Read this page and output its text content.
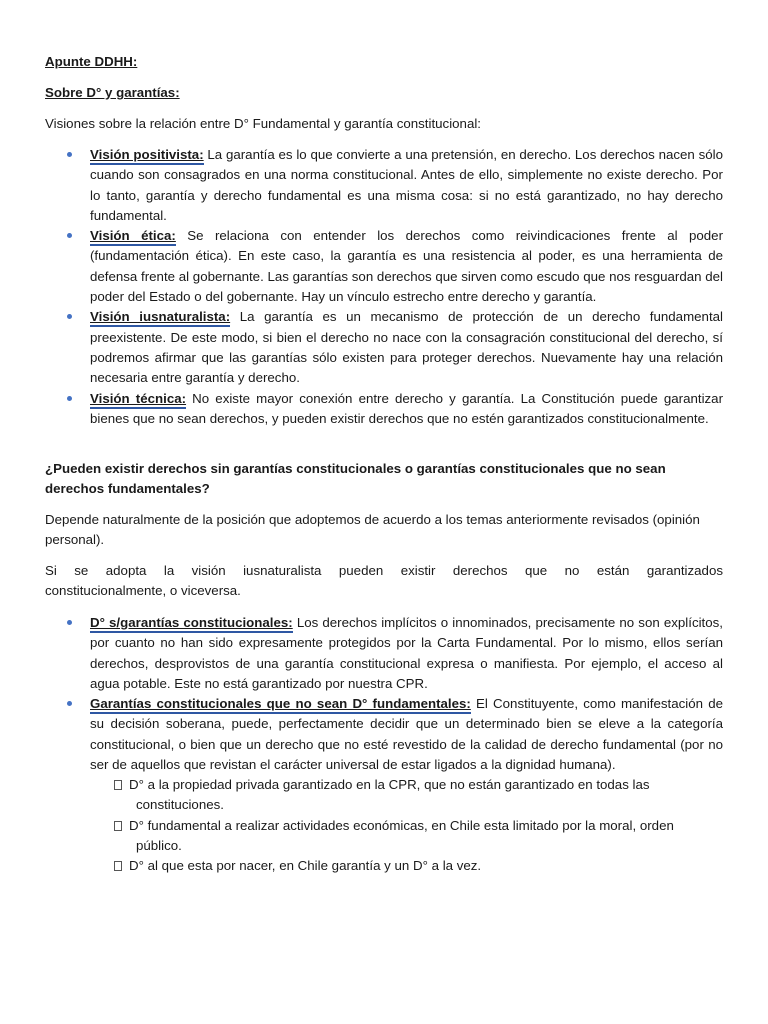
Apunte DDHH:

Sobre D° y garantías:

Visiones sobre la relación entre D° Fundamental y garantía constitucional:

Visión positivista: La garantía es lo que convierte a una pretensión, en derecho. Los derechos nacen sólo cuando son consagrados en una norma constitucional. Antes de ello, simplemente no existe derecho. Por lo tanto, garantía y derecho fundamental es una misma cosa: si no está garantizado, no hay derecho fundamental.
Visión ética: Se relaciona con entender los derechos como reivindicaciones frente al poder (fundamentación ética). En este caso, la garantía es una resistencia al poder, es una herramienta de defensa frente al gobernante. Las garantías son derechos que sirven como escudo que nos resguardan del poder del Estado o del gobernante. Hay un vínculo estrecho entre derecho y garantía.
Visión iusnaturalista: La garantía es un mecanismo de protección de un derecho fundamental preexistente. De este modo, si bien el derecho no nace con la consagración constitucional del derecho, sí podremos afirmar que las garantías sólo existen para proteger derechos. Nuevamente hay una relación necesaria entre garantía y derecho.
Visión técnica: No existe mayor conexión entre derecho y garantía. La Constitución puede garantizar bienes que no sean derechos, y pueden existir derechos que no estén garantizados constitucionalmente.

¿Pueden existir derechos sin garantías constitucionales o garantías constitucionales que no sean derechos fundamentales?

Depende naturalmente de la posición que adoptemos de acuerdo a los temas anteriormente revisados (opinión personal).

Si se adopta la visión iusnaturalista pueden existir derechos que no están garantizados
constitucionalmente, o viceversa.
D° s/garantías constitucionales: Los derechos implícitos o innominados, precisamente no son explícitos, por cuanto no han sido expresamente protegidos por la Carta Fundamental. Por lo mismo, ellos serían derechos, desprovistos de una garantía constitucional expresa o manifiesta. Por ejemplo, el acceso al agua potable. Este no está garantizado por nuestra CPR.
Garantías constitucionales que no sean D° fundamentales: El Constituyente, como manifestación de su decisión soberana, puede, perfectamente decidir que un determinado bien se eleve a la categoría constitucional, o bien que un derecho que no esté revestido de la calidad de derecho fundamental (por no ser de aquellos que revistan el carácter universal de estar ligados a la dignidad humana).
D° a la propiedad privada garantizado en la CPR, que no están garantizado en todas las constituciones.
D° fundamental a realizar actividades económicas, en Chile esta limitado por la moral, orden público.
D° al que esta por nacer, en Chile garantía y un D° a la vez.
